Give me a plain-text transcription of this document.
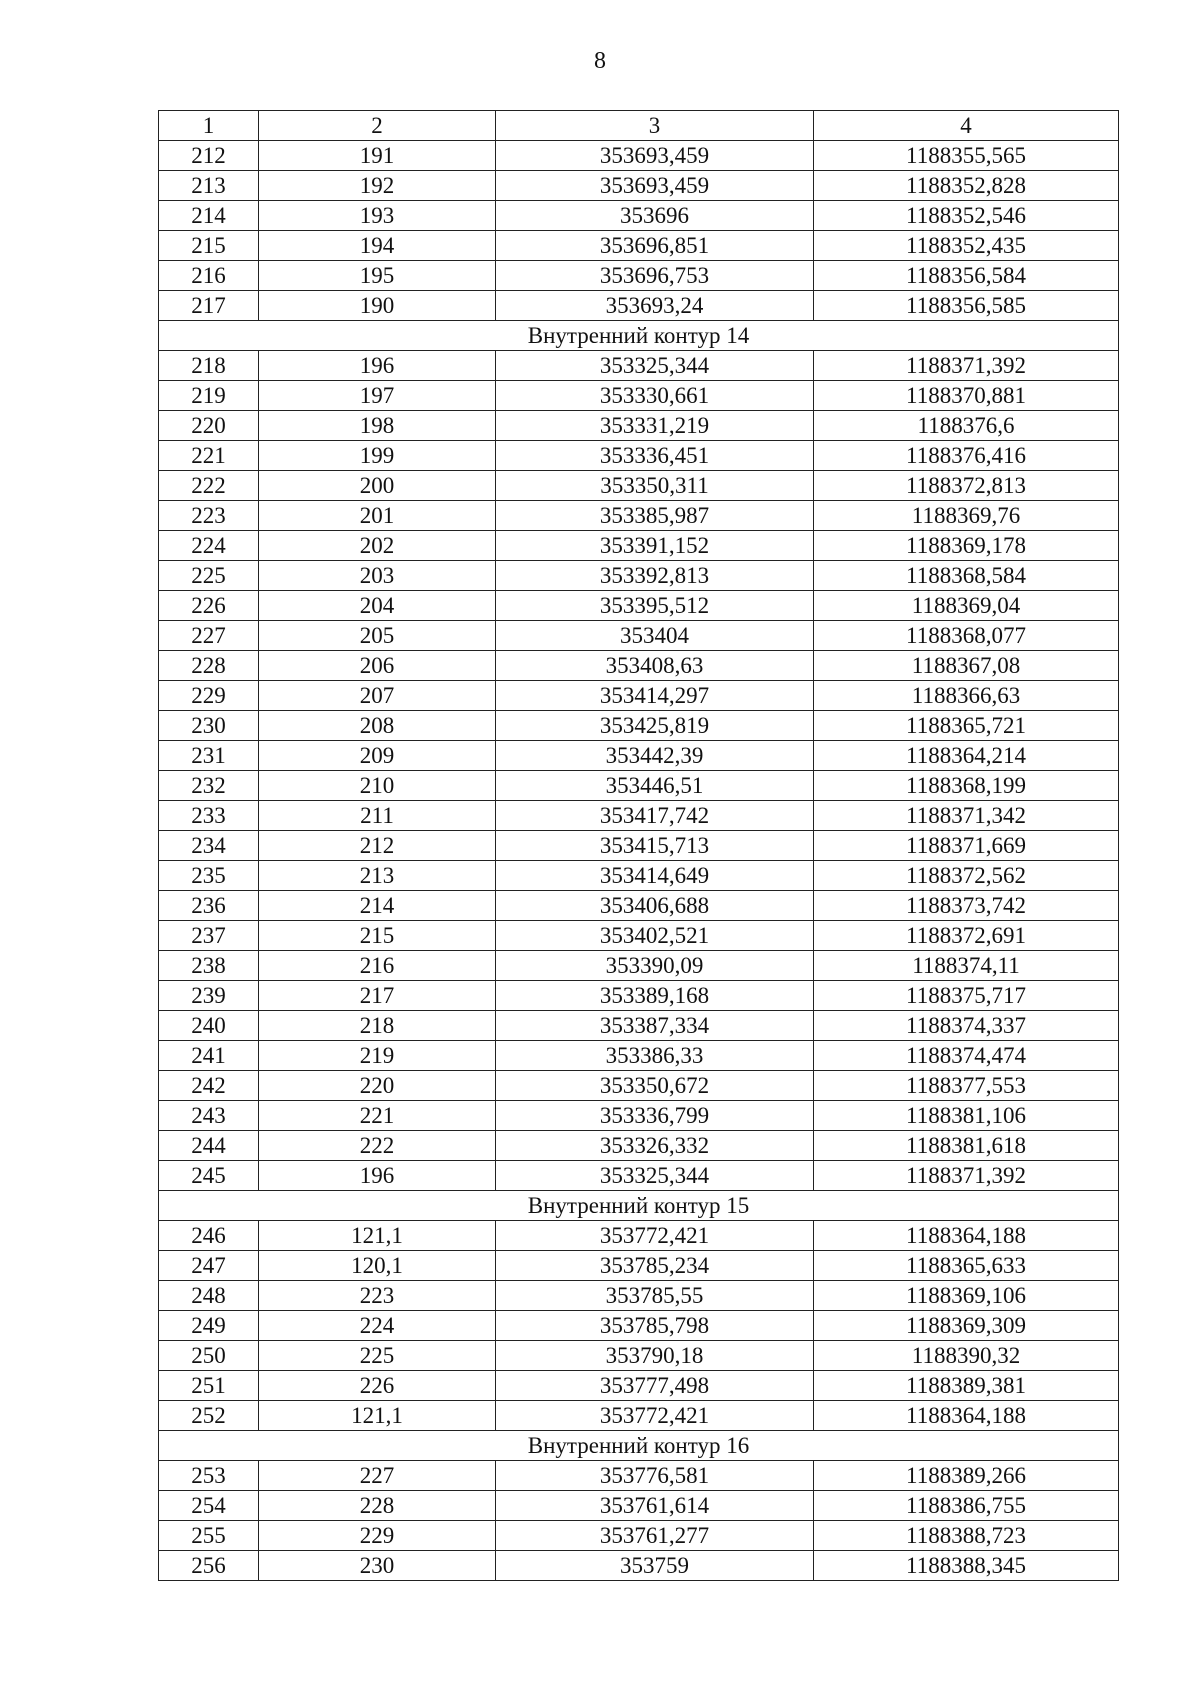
8
1	2	3	4
212	191	353693,459	1188355,565
213	192	353693,459	1188352,828
214	193	353696	1188352,546
215	194	353696,851	1188352,435
216	195	353696,753	1188356,584
217	190	353693,24	1188356,585
Внутренний контур 14			
218	196	353325,344	1188371,392
219	197	353330,661	1188370,881
220	198	353331,219	1188376,6
221	199	353336,451	1188376,416
222	200	353350,311	1188372,813
223	201	353385,987	1188369,76
224	202	353391,152	1188369,178
225	203	353392,813	1188368,584
226	204	353395,512	1188369,04
227	205	353404	1188368,077
228	206	353408,63	1188367,08
229	207	353414,297	1188366,63
230	208	353425,819	1188365,721
231	209	353442,39	1188364,214
232	210	353446,51	1188368,199
233	211	353417,742	1188371,342
234	212	353415,713	1188371,669
235	213	353414,649	1188372,562
236	214	353406,688	1188373,742
237	215	353402,521	1188372,691
238	216	353390,09	1188374,11
239	217	353389,168	1188375,717
240	218	353387,334	1188374,337
241	219	353386,33	1188374,474
242	220	353350,672	1188377,553
243	221	353336,799	1188381,106
244	222	353326,332	1188381,618
245	196	353325,344	1188371,392
Внутренний контур 15			
246	121,1	353772,421	1188364,188
247	120,1	353785,234	1188365,633
248	223	353785,55	1188369,106
249	224	353785,798	1188369,309
250	225	353790,18	1188390,32
251	226	353777,498	1188389,381
252	121,1	353772,421	1188364,188
Внутренний контур 16			
253	227	353776,581	1188389,266
254	228	353761,614	1188386,755
255	229	353761,277	1188388,723
256	230	353759	1188388,345
